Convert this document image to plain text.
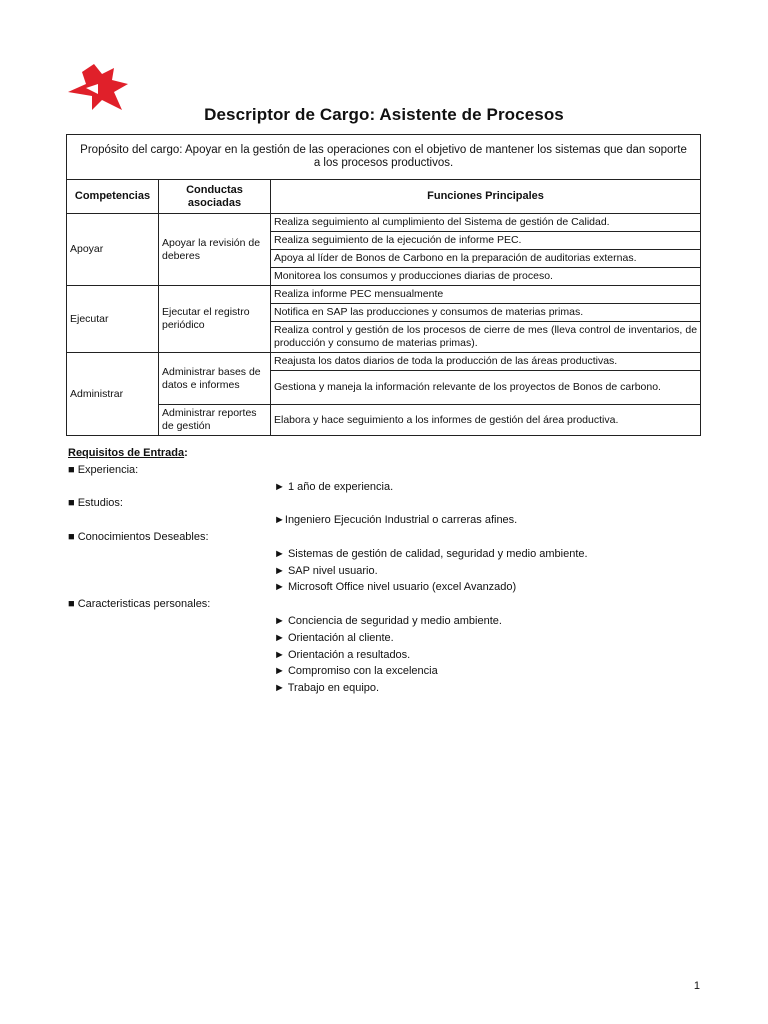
Descriptor de Cargo: Asistente de Procesos
Propósito del cargo: Apoyar en la gestión de las operaciones con el objetivo de mantener los sistemas que dan soporte a los procesos productivos.		
Competencias	Conductas asociadas	Funciones Principales
Apoyar	Apoyar la revisión de deberes	Realiza seguimiento al cumplimiento del Sistema de gestión de Calidad.
		Realiza seguimiento de la ejecución de informe PEC.
		Apoya al líder de Bonos de Carbono en la preparación de auditorias externas.
		Monitorea los consumos y producciones diarias de proceso.
Ejecutar	Ejecutar el registro periódico	Realiza informe PEC mensualmente
		Notifica en SAP las producciones y consumos de materias primas.
		Realiza control y gestión de los procesos de cierre de mes (lleva control de inventarios, de producción y consumo de materias primas).
Administrar	Administrar bases de datos e informes	Reajusta los datos diarios de toda la producción de las áreas productivas.
		Gestiona y maneja la información relevante de los proyectos de Bonos de carbono.
	Administrar reportes de gestión	Elabora y hace seguimiento a los informes de gestión del área productiva.
Requisitos de Entrada:
■ Experiencia:
► 1 año de experiencia.
■ Estudios:
►Ingeniero Ejecución Industrial o carreras afines.
■ Conocimientos Deseables:
► Sistemas de gestión de calidad, seguridad y medio ambiente.
► SAP nivel usuario.
► Microsoft Office nivel usuario (excel Avanzado)
■ Caracteristicas personales:
► Conciencia de seguridad y medio ambiente.
► Orientación al cliente.
► Orientación a resultados.
► Compromiso con la excelencia
► Trabajo en equipo.
1
